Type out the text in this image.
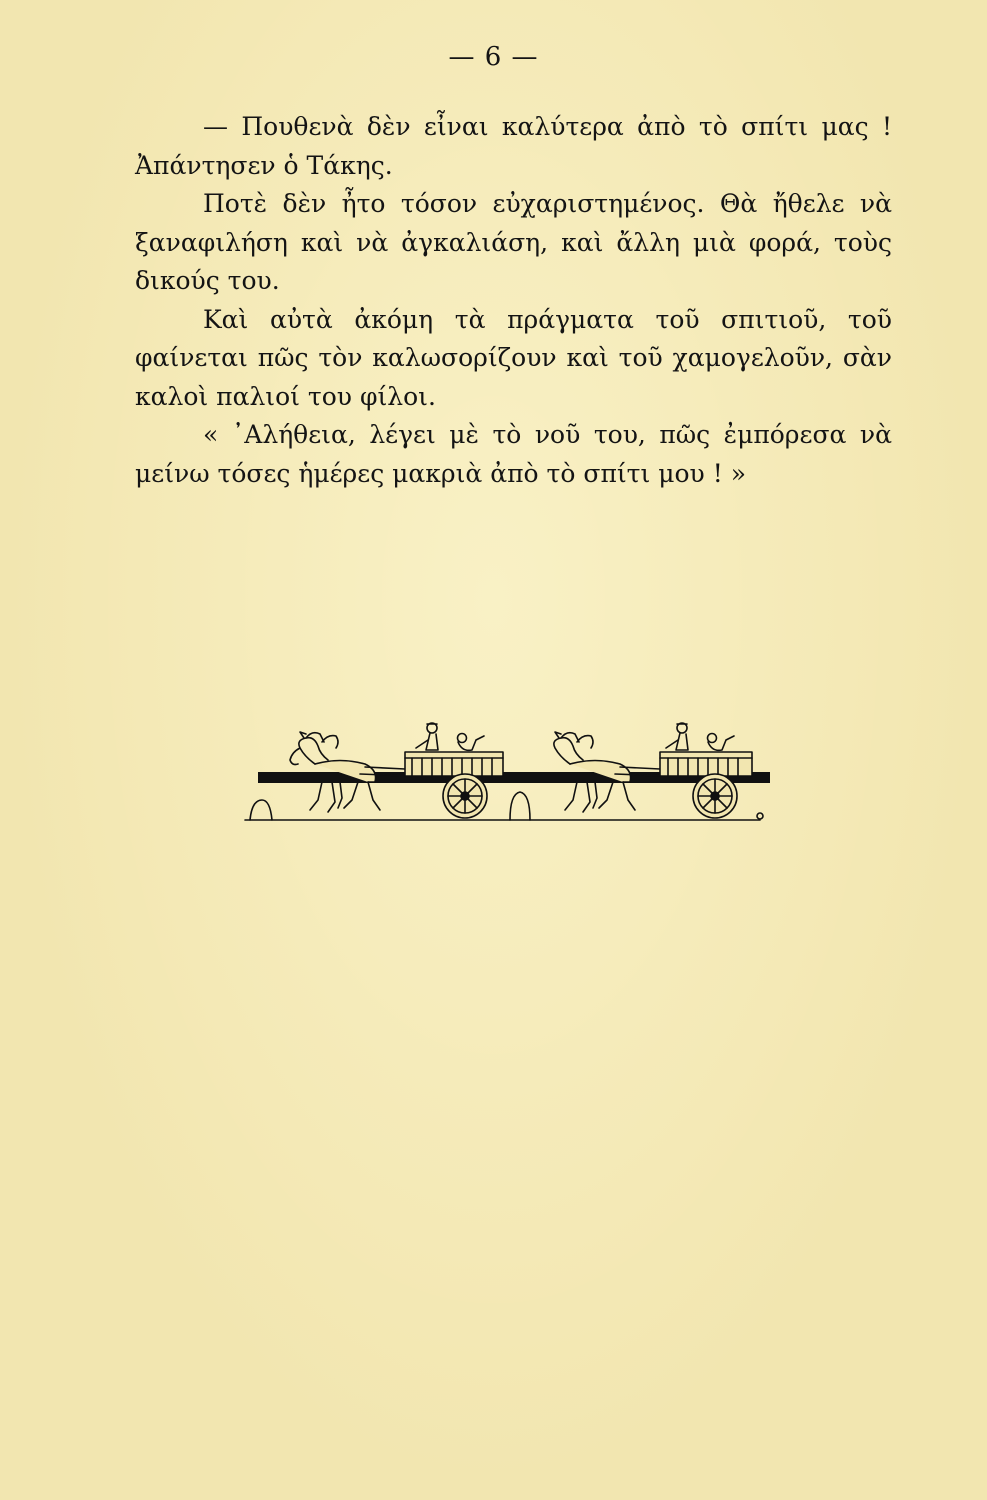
— 6 —

— Πουθενὰ δὲν εἶναι καλύτερα ἀπὸ τὸ σπίτι μας ! Ἀπάντησεν ὁ Τάκης.

Ποτὲ δὲν ἦτο τόσον εὐχαριστημένος. Θὰ ἤθελε νὰ ξαναφιλήση καὶ νὰ ἀγκαλιάση, καὶ ἄλλη μιὰ φορά, τοὺς δικούς του.

Καὶ αὐτὰ ἀκόμη τὰ πράγματα τοῦ σπιτιοῦ, τοῦ φαίνεται πῶς τὸν καλωσορίζουν καὶ τοῦ χαμογελοῦν, σὰν καλοὶ παλιοί του φίλοι.

« ᾿Αλήθεια, λέγει μὲ τὸ νοῦ του, πῶς ἐμπόρεσα νὰ μείνω τόσες ἡμέρες μακριὰ ἀπὸ τὸ σπίτι μου ! »
